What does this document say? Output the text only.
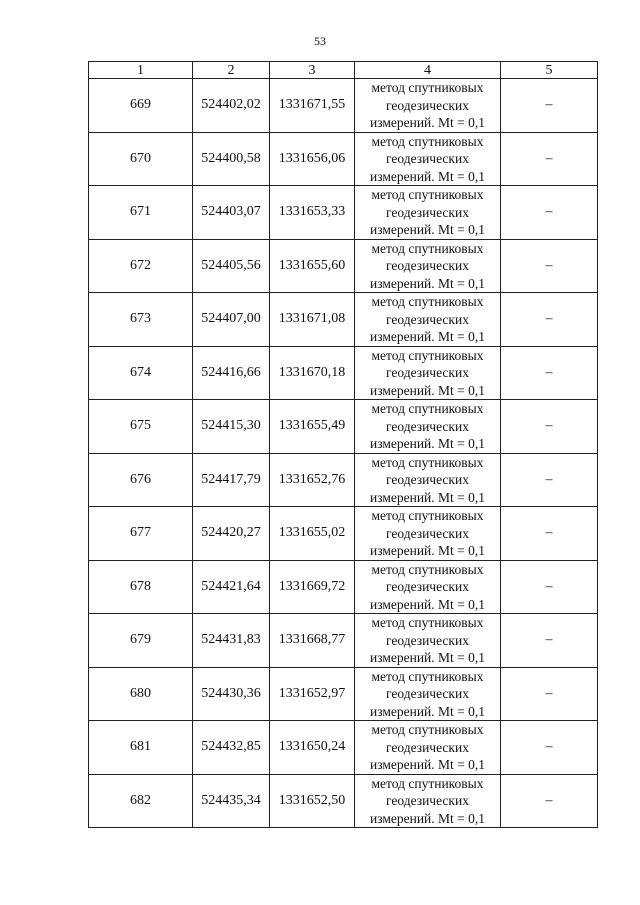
53
1	2	3	4	5
669	524402,02	1331671,55	метод спутниковых
геодезических
измерений. Mt = 0,1	–
670	524400,58	1331656,06	метод спутниковых
геодезических
измерений. Mt = 0,1	–
671	524403,07	1331653,33	метод спутниковых
геодезических
измерений. Mt = 0,1	–
672	524405,56	1331655,60	метод спутниковых
геодезических
измерений. Mt = 0,1	–
673	524407,00	1331671,08	метод спутниковых
геодезических
измерений. Mt = 0,1	–
674	524416,66	1331670,18	метод спутниковых
геодезических
измерений. Mt = 0,1	–
675	524415,30	1331655,49	метод спутниковых
геодезических
измерений. Mt = 0,1	–
676	524417,79	1331652,76	метод спутниковых
геодезических
измерений. Mt = 0,1	–
677	524420,27	1331655,02	метод спутниковых
геодезических
измерений. Mt = 0,1	–
678	524421,64	1331669,72	метод спутниковых
геодезических
измерений. Mt = 0,1	–
679	524431,83	1331668,77	метод спутниковых
геодезических
измерений. Mt = 0,1	–
680	524430,36	1331652,97	метод спутниковых
геодезических
измерений. Mt = 0,1	–
681	524432,85	1331650,24	метод спутниковых
геодезических
измерений. Mt = 0,1	–
682	524435,34	1331652,50	метод спутниковых
геодезических
измерений. Mt = 0,1	–
